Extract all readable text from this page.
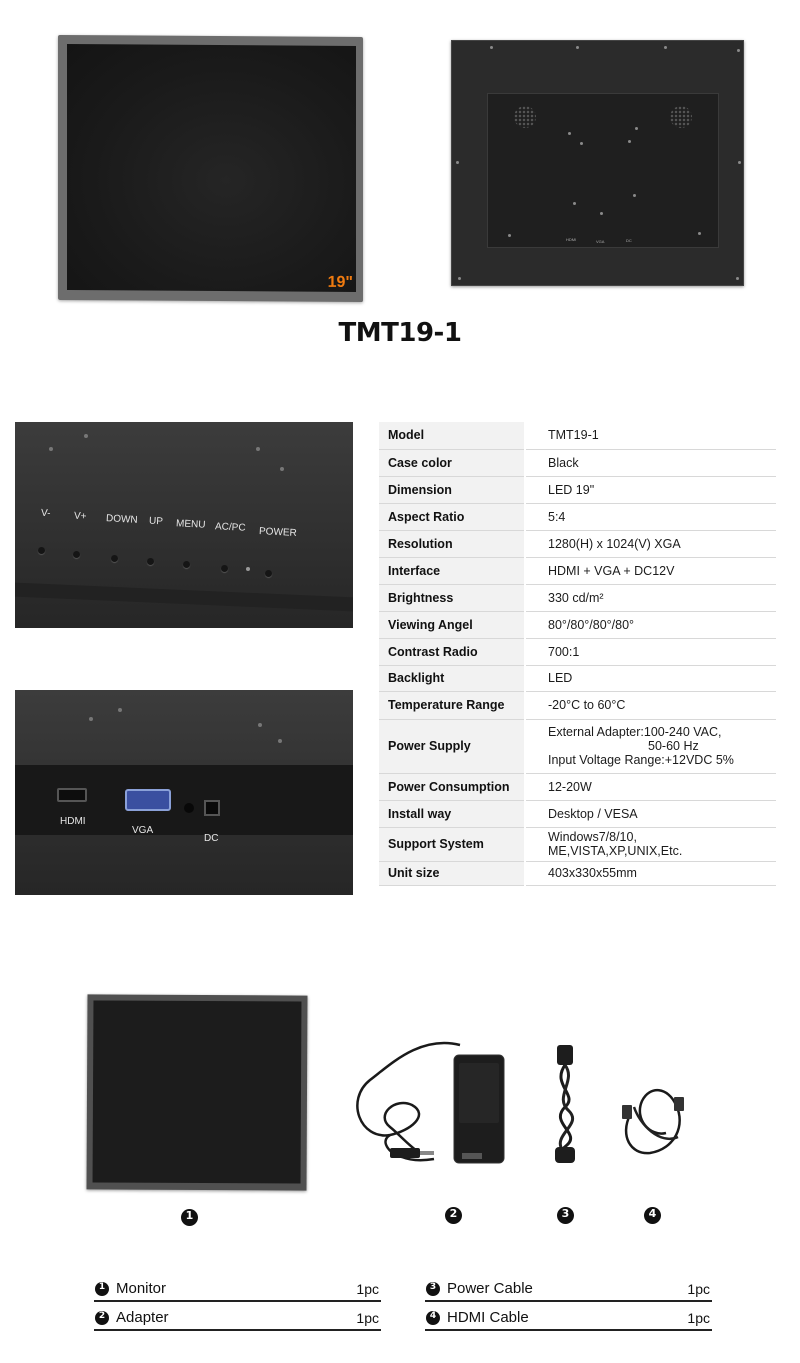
19"
HDMI	VGA	DC
TMT19-1
V- V+ DOWN UP MENU AC/PC POWER
HDMI
VGA
DC
Model	TMT19-1
Case color	Black
Dimension	LED 19"
Aspect Ratio	5:4
Resolution	1280(H) x 1024(V) XGA
Interface	HDMI + VGA + DC12V
Brightness	330 cd/m²
Viewing Angel	80°/80°/80°/80°
Contrast Radio	700:1
Backlight	LED
Temperature Range	-20°C to 60°C
Power Supply	External Adapter:100-240 VAC,
50-60 Hz
Input Voltage Range:+12VDC 5%

Power Consumption	12-20W
Install way	Desktop / VESA
Support System	Windows7/8/10,
ME,VISTA,XP,UNIX,Etc.

Unit size	403x330x55mm
1	2	3	4
1 Monitor	1pc
2 Adapter	1pc
3 Power Cable	1pc
4 HDMI Cable	1pc
